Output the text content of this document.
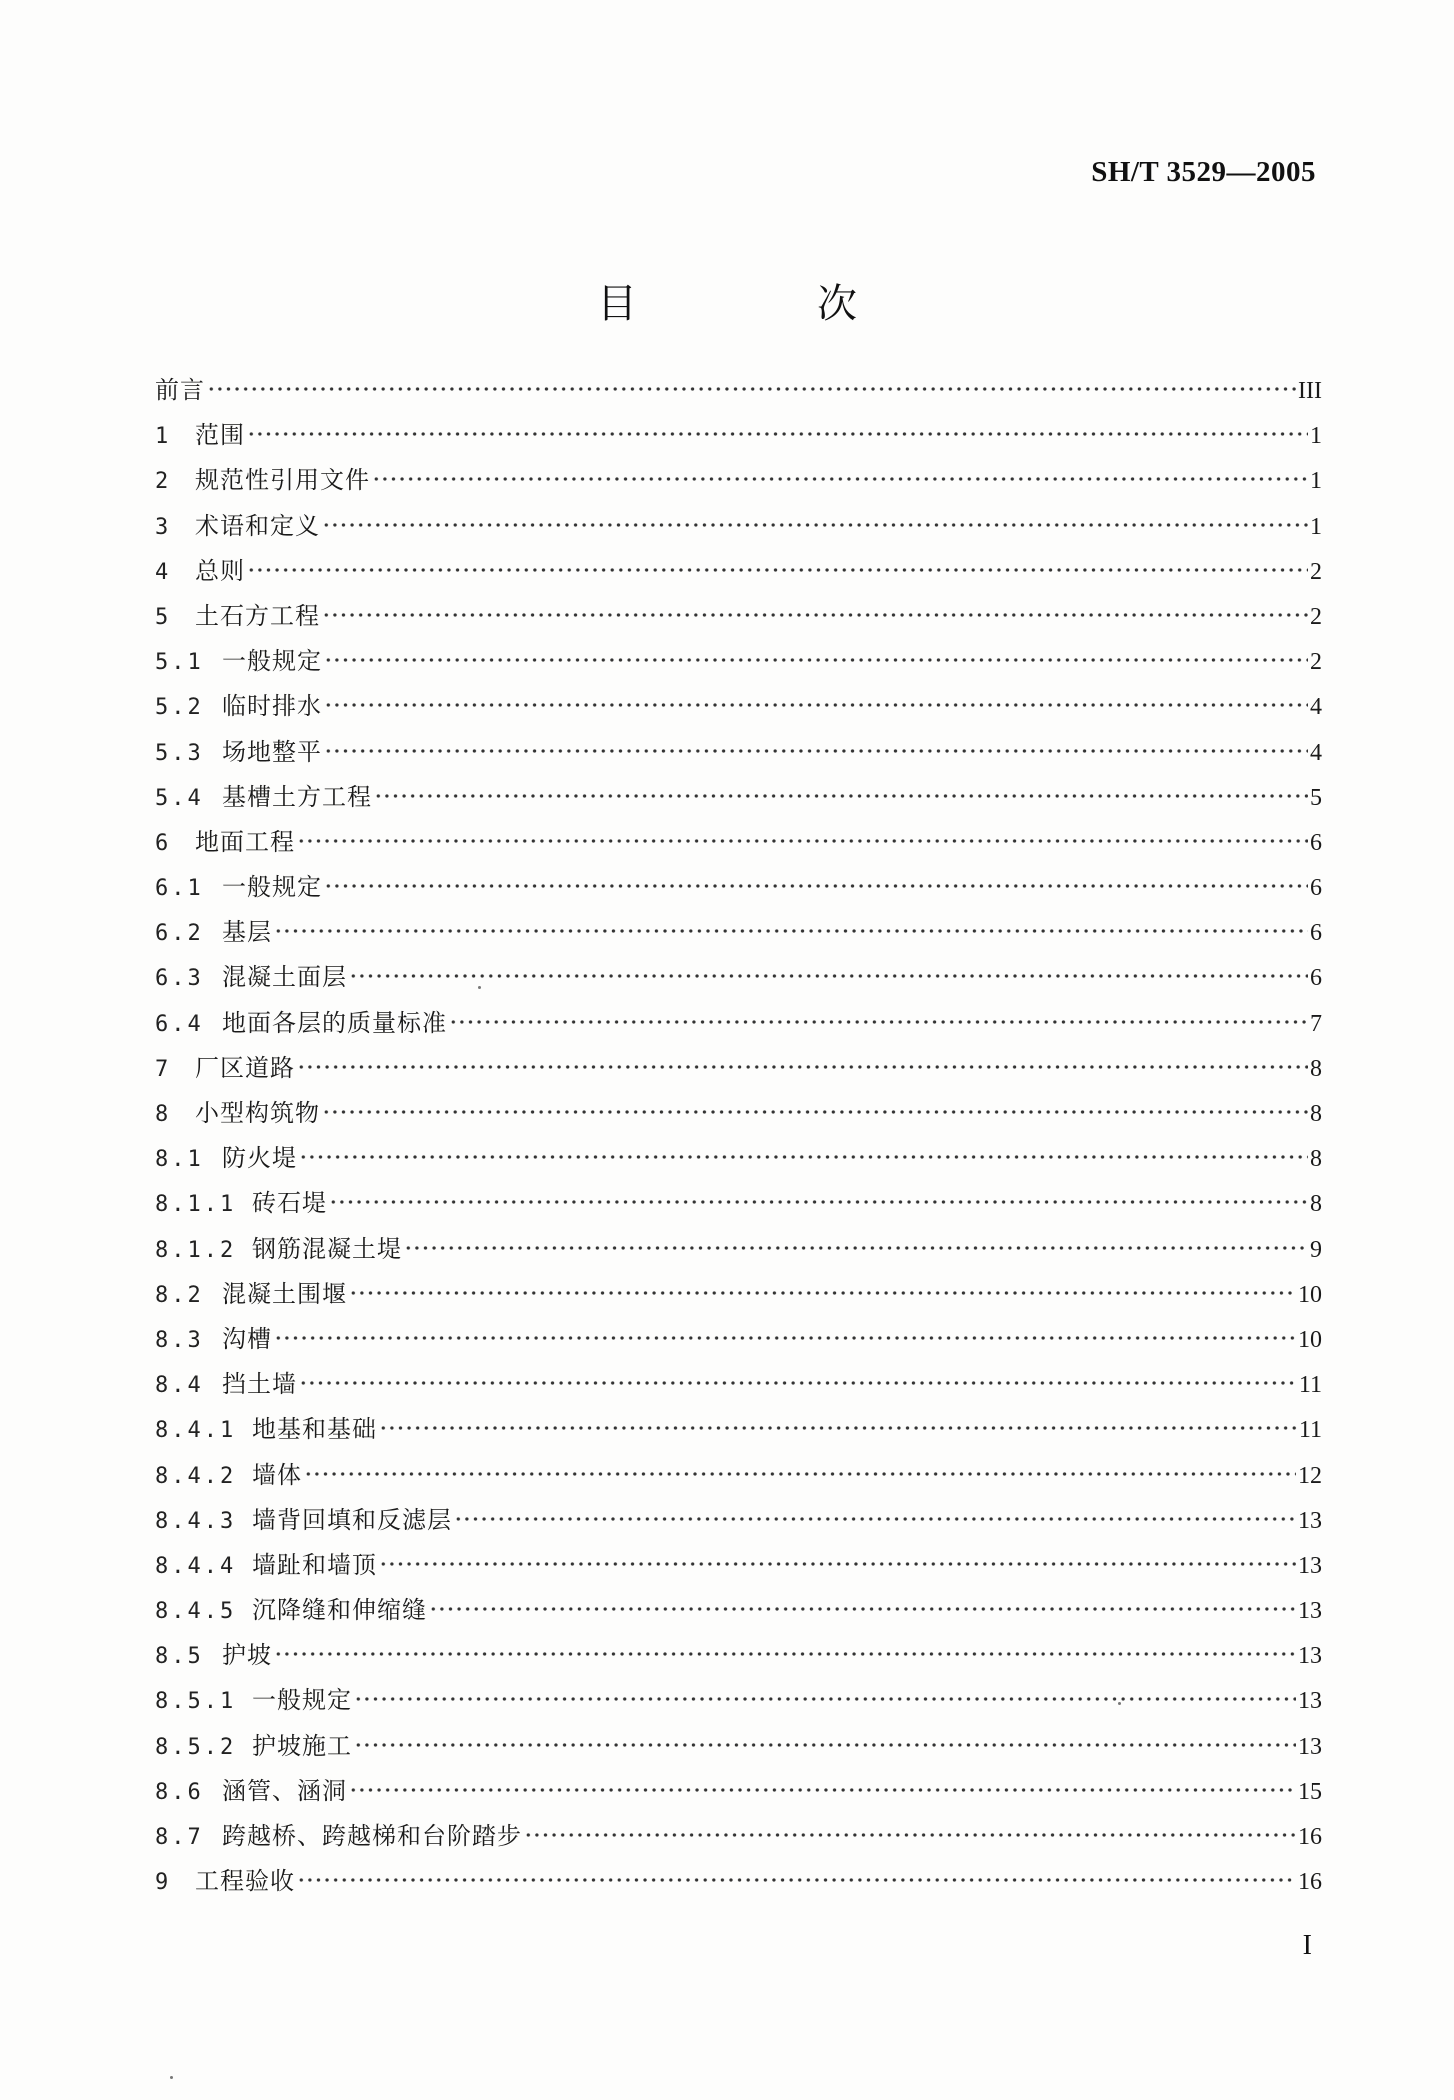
SH/T 3529—2005
目　次
前言	III
1 范围	1
2 规范性引用文件	1
3 术语和定义	1
4 总则	2
5 土石方工程	2
5.1 一般规定	2
5.2 临时排水	4
5.3 场地整平	4
5.4 基槽土方工程	5
6 地面工程	6
6.1 一般规定	6
6.2 基层	6
6.3 混凝土面层	6
6.4 地面各层的质量标准	7
7 厂区道路	8
8 小型构筑物	8
8.1 防火堤	8
8.1.1 砖石堤	8
8.1.2 钢筋混凝土堤	9
8.2 混凝土围堰	10
8.3 沟槽	10
8.4 挡土墙	11
8.4.1 地基和基础	11
8.4.2 墙体	12
8.4.3 墙背回填和反滤层	13
8.4.4 墙趾和墙顶	13
8.4.5 沉降缝和伸缩缝	13
8.5 护坡	13
8.5.1 一般规定	13
8.5.2 护坡施工	13
8.6 涵管、涵洞	15
8.7 跨越桥、跨越梯和台阶踏步	16
9 工程验收	16
I
